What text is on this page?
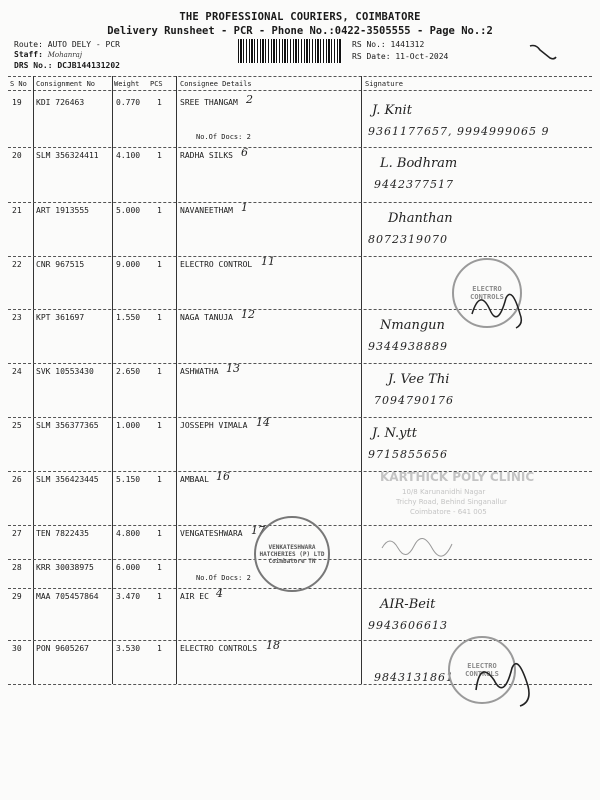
THE PROFESSIONAL COURIERS, COIMBATORE
Delivery Runsheet - PCR - Phone No.:0422-3505555 - Page No.:2
Route: AUTO DELY - PCR
Staff: Mohanraj
DRS No.: DCJB144131202
RS No.: 1441312
RS Date: 11-Oct-2024
S No Consignment No	Weight PCS Consignee Details	Signature
19 KDI 726463	0.770 1 SREE THANGAM 2
No.Of Docs: 2
J. Knit
9361177657, 9994999065 9
20 SLM 356324411 4.100 1 RADHA SILKS 6
L. Bodhram
9442377517
21 ART 1913555	5.000 1 NAVANEETHAM 1
Dhanthan
8072319070
22 CNR 967515	9.000 1 ELECTRO CONTROL 11
23 KPT 361697	1.550 1 NAGA TANUJA 12
Nmangun
9344938889
24 SVK 10553430	2.650 1 ASHWATHA 13
J. Vee Thi
7094790176
25 SLM 356377365 1.000 1 JOSSEPH VIMALA 14
J. N.ytt
9715855656
26 SLM 356423445 5.150 1 AMBAAL 16
27 TEN 7822435	4.800 1 VENGATESHWARA 17
28 KRR 30038975	6.000 1
No.Of Docs: 2
29 MAA 705457864 3.470 1 AIR EC 4
AIR-Beit
9943606613
30 PON 9605267	3.530 1 ELECTRO CONTROLS 18
9843131861
ELECTRO CONTROLS
ELECTRO CONTROLS
VENKATESHWARA HATCHERIES (P) LTD Coimbatore TN
KARTHICK POLY CLINIC
10/8 Karunanidhi Nagar
Trichy Road, Behind Singanallur
Coimbatore - 641 005
